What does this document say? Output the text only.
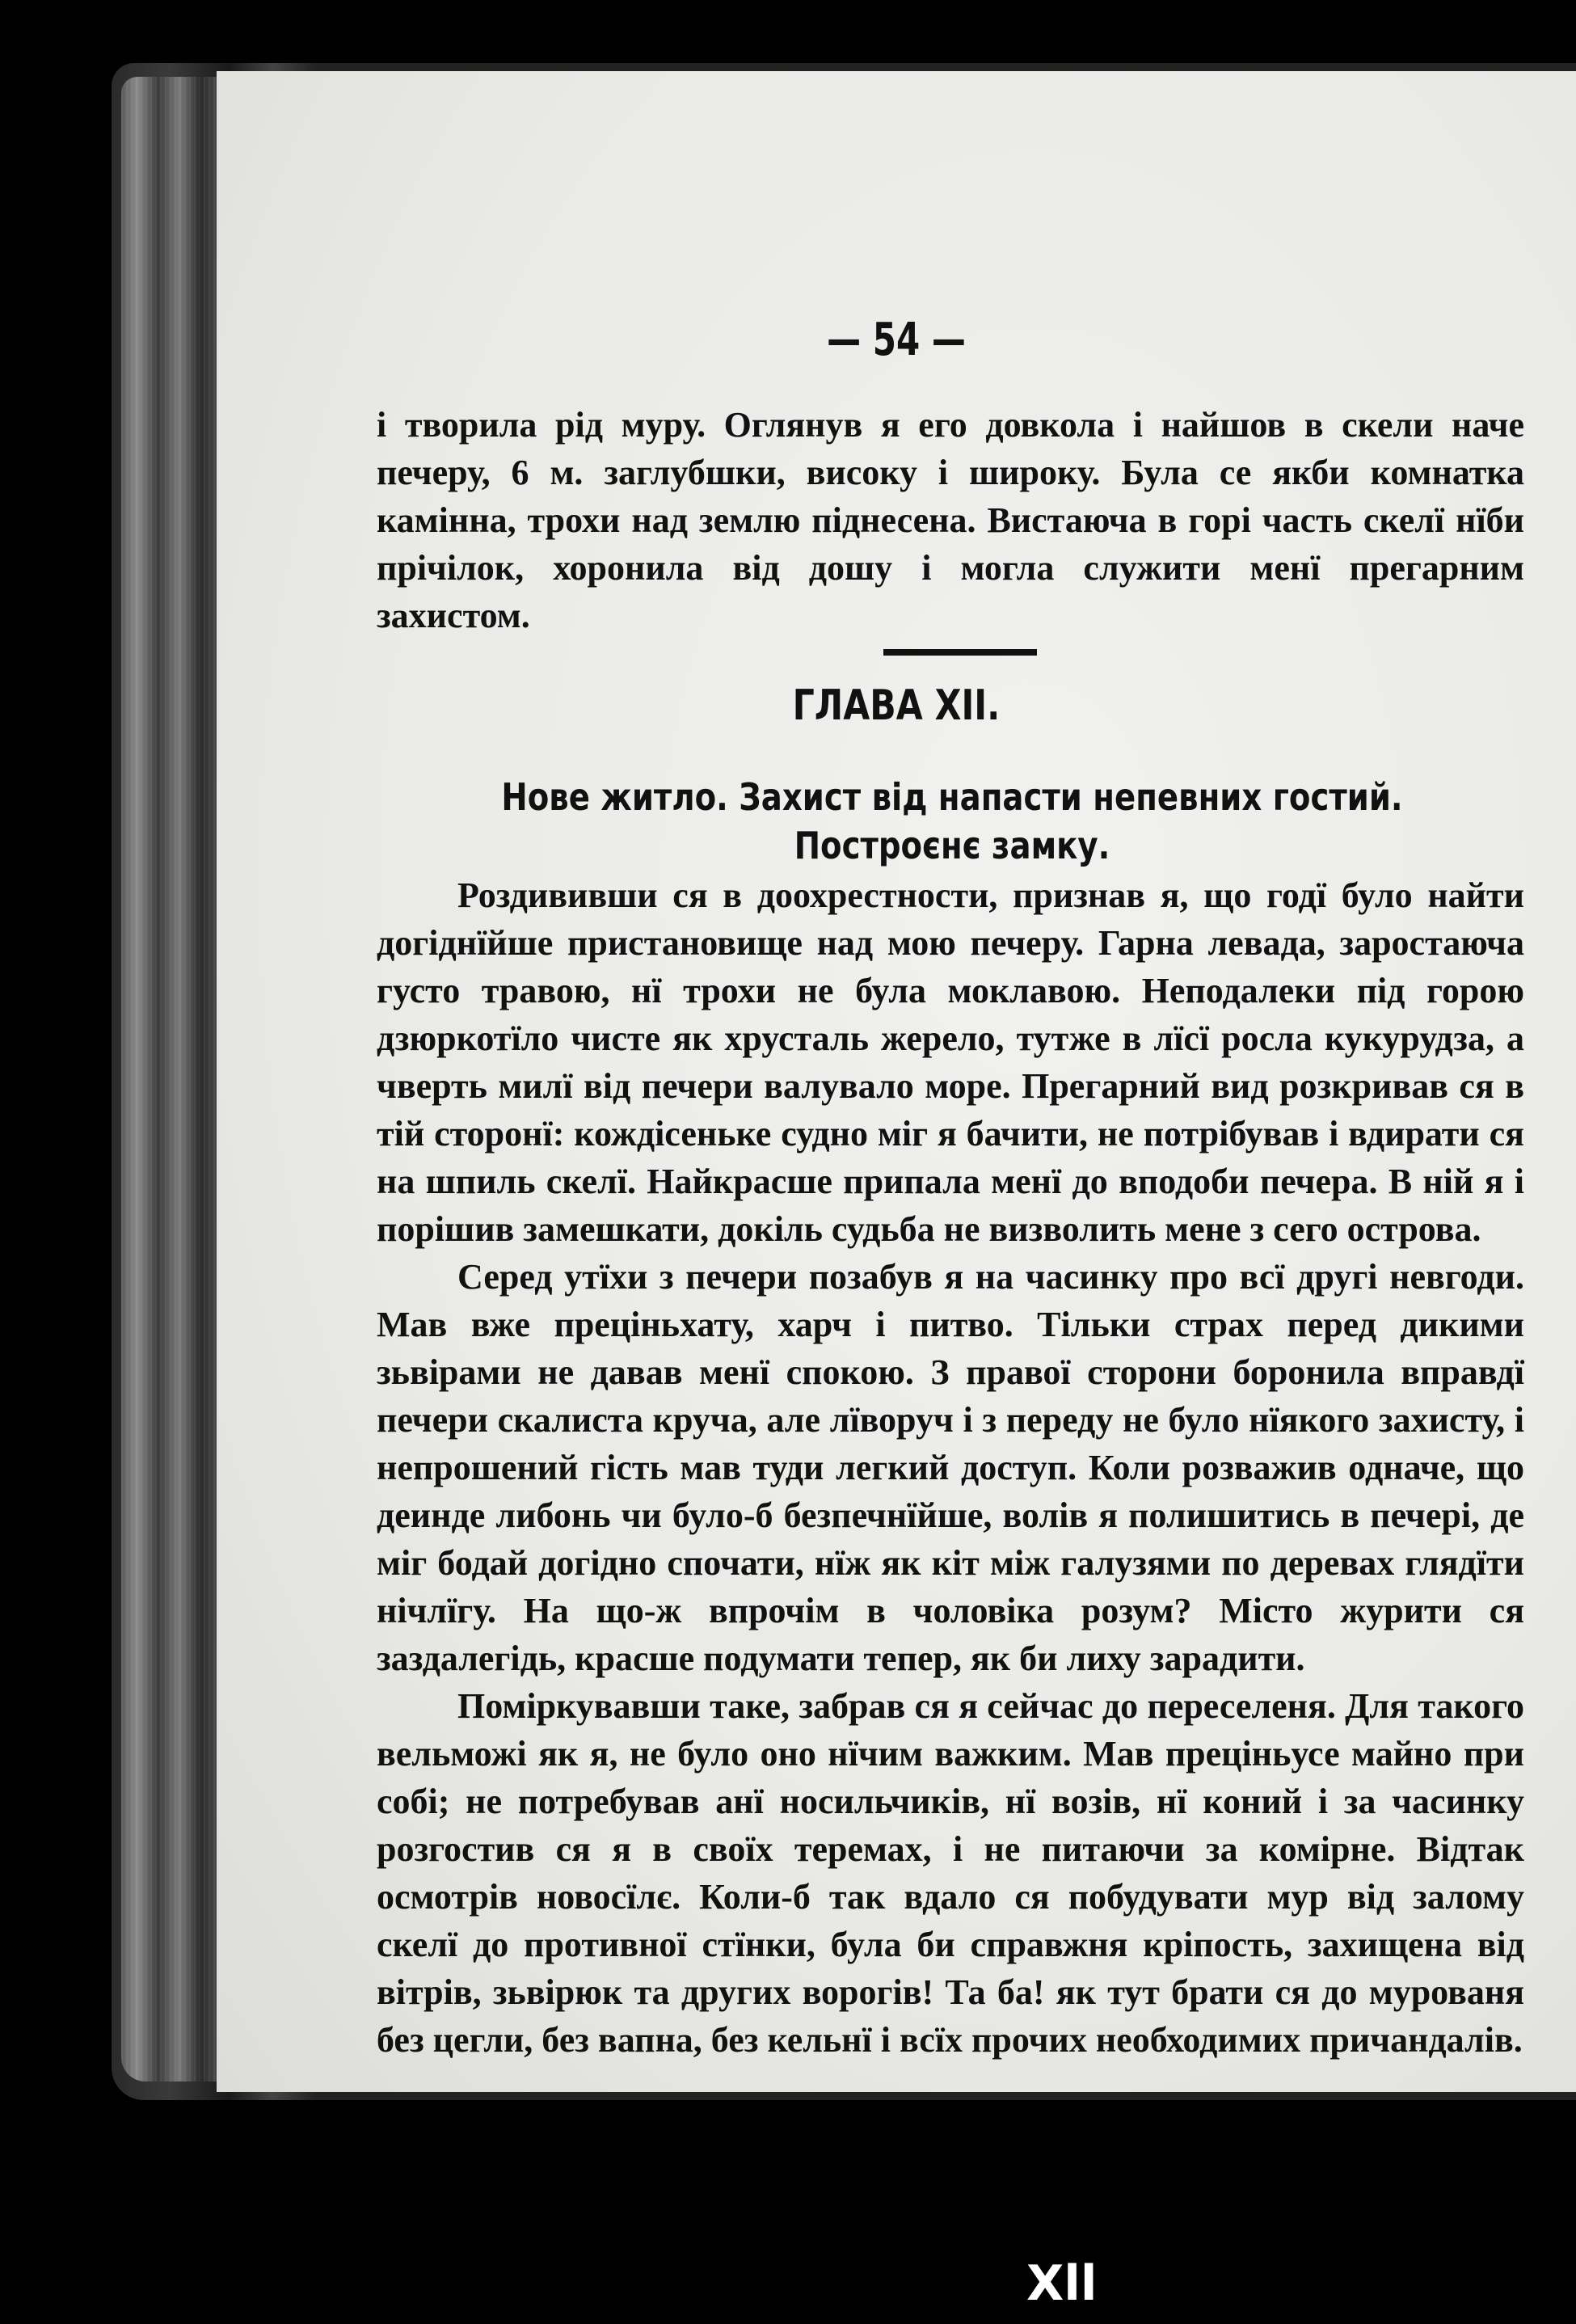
— 54 —
і творила рід муру. Оглянув я его довкола і найшов в скели наче печеру, 6 м. заглубшки, високу і широку. Була се якби комнатка камінна, трохи над землю піднесена. Вистаюча в горі часть скелї нїби прічілок, хоронила від дошу і могла служити менї прегарним захистом.
ГЛАВА XII.
Нове житло. Захист від напасти непевних гостий.
Построєнє замку.

Роздививши ся в доохрестности, признав я, що годї було найти догіднїйше пристановище над мою печеру. Гарна левада, заростаюча густо травою, нї трохи не була моклавою. Неподалеки під горою дзюркотїло чисте як хрусталь жерело, тутже в лїсї росла кукурудза, а чверть милї від печери валувало море. Прегарний вид розкривав ся в тій сторонї: кождісеньке судно міг я бачити, не потрібував і вдирати ся на шпиль скелї. Найкрасше припала менї до вподоби печера. В ній я і порішив замешкати, докіль судьба не визволить мене з сего острова.

Серед утїхи з печери позабув я на часинку про всї другі невгоди. Мав вже преціньхату, харч і питво. Тільки страх перед дикими зьвірами не давав менї спокою. З правої сторони боронила вправдї печери скалиста круча, але лїворуч і з переду не було нїякого захисту, і непрошений гість мав туди легкий доступ. Коли розважив одначе, що деинде либонь чи було-б безпечнїйше, волів я полишитись в печері, де міг бодай догідно спочати, нїж як кіт між галузями по деревах глядїти нічлїгу. На що-ж впрочім в чоловіка розум? Місто журити ся заздалегідь, красше подумати тепер, як би лиху зарадити.

Поміркувавши таке, забрав ся я сейчас до переселеня. Для такого вельможі як я, не було оно нїчим важким. Мав преціньусе майно при собі; не потребував анї носильчиків, нї возів, нї коний і за часинку розгостив ся я в своїх теремах, і не питаючи за комірне. Відтак осмотрів новосїлє. Коли-б так вдало ся побудувати мур від залому скелї до противної стїнки, була би справжня кріпость, захищена від вітрів, зьвірюк та других ворогів! Та ба! як тут брати ся до мурованя без цегли, без вапна, без кельнї і всїх прочих необходимих причандалів.

Xll
